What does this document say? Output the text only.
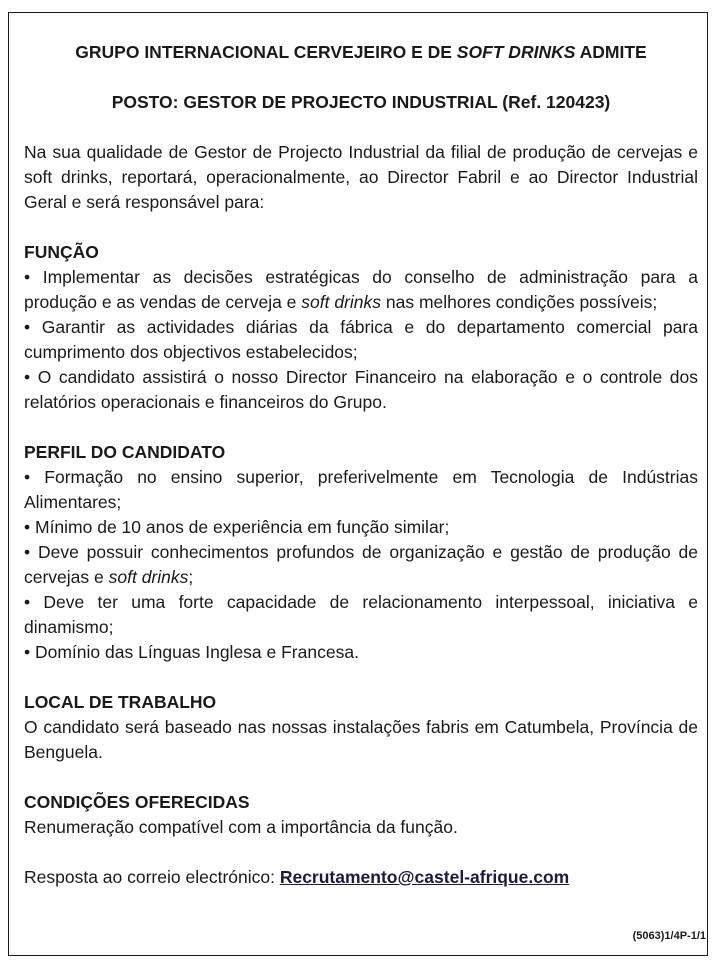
GRUPO INTERNACIONAL CERVEJEIRO E DE SOFT DRINKS ADMITE

POSTO: GESTOR DE PROJECTO INDUSTRIAL (Ref. 120423)

Na sua qualidade de Gestor de Projecto Industrial da filial de produção de cervejas e soft drinks, reportará, operacionalmente, ao Director Fabril e ao Director Industrial Geral e será responsável para:

FUNÇÃO

• Implementar as decisões estratégicas do conselho de administração para a produção e as vendas de cerveja e soft drinks nas melhores condições possíveis;

• Garantir as actividades diárias da fábrica e do departamento comercial para cumprimento dos objectivos estabelecidos;

• O candidato assistirá o nosso Director Financeiro na elaboração e o controle dos relatórios operacionais e financeiros do Grupo.

PERFIL DO CANDIDATO

• Formação no ensino superior, preferivelmente em Tecnologia de Indústrias Alimentares;

• Mínimo de 10 anos de experiência em função similar;

• Deve possuir conhecimentos profundos de organização e gestão de produção de cervejas e soft drinks;

• Deve ter uma forte capacidade de relacionamento interpessoal, iniciativa e dinamismo;

• Domínio das Línguas Inglesa e Francesa.

LOCAL DE TRABALHO

O candidato será baseado nas nossas instalações fabris em Catumbela, Província de Benguela.

CONDIÇÕES OFERECIDAS

Renumeração compatível com a importância da função.

Resposta ao correio electrónico: Recrutamento@castel-afrique.com

(5063)1/4P-1/1
